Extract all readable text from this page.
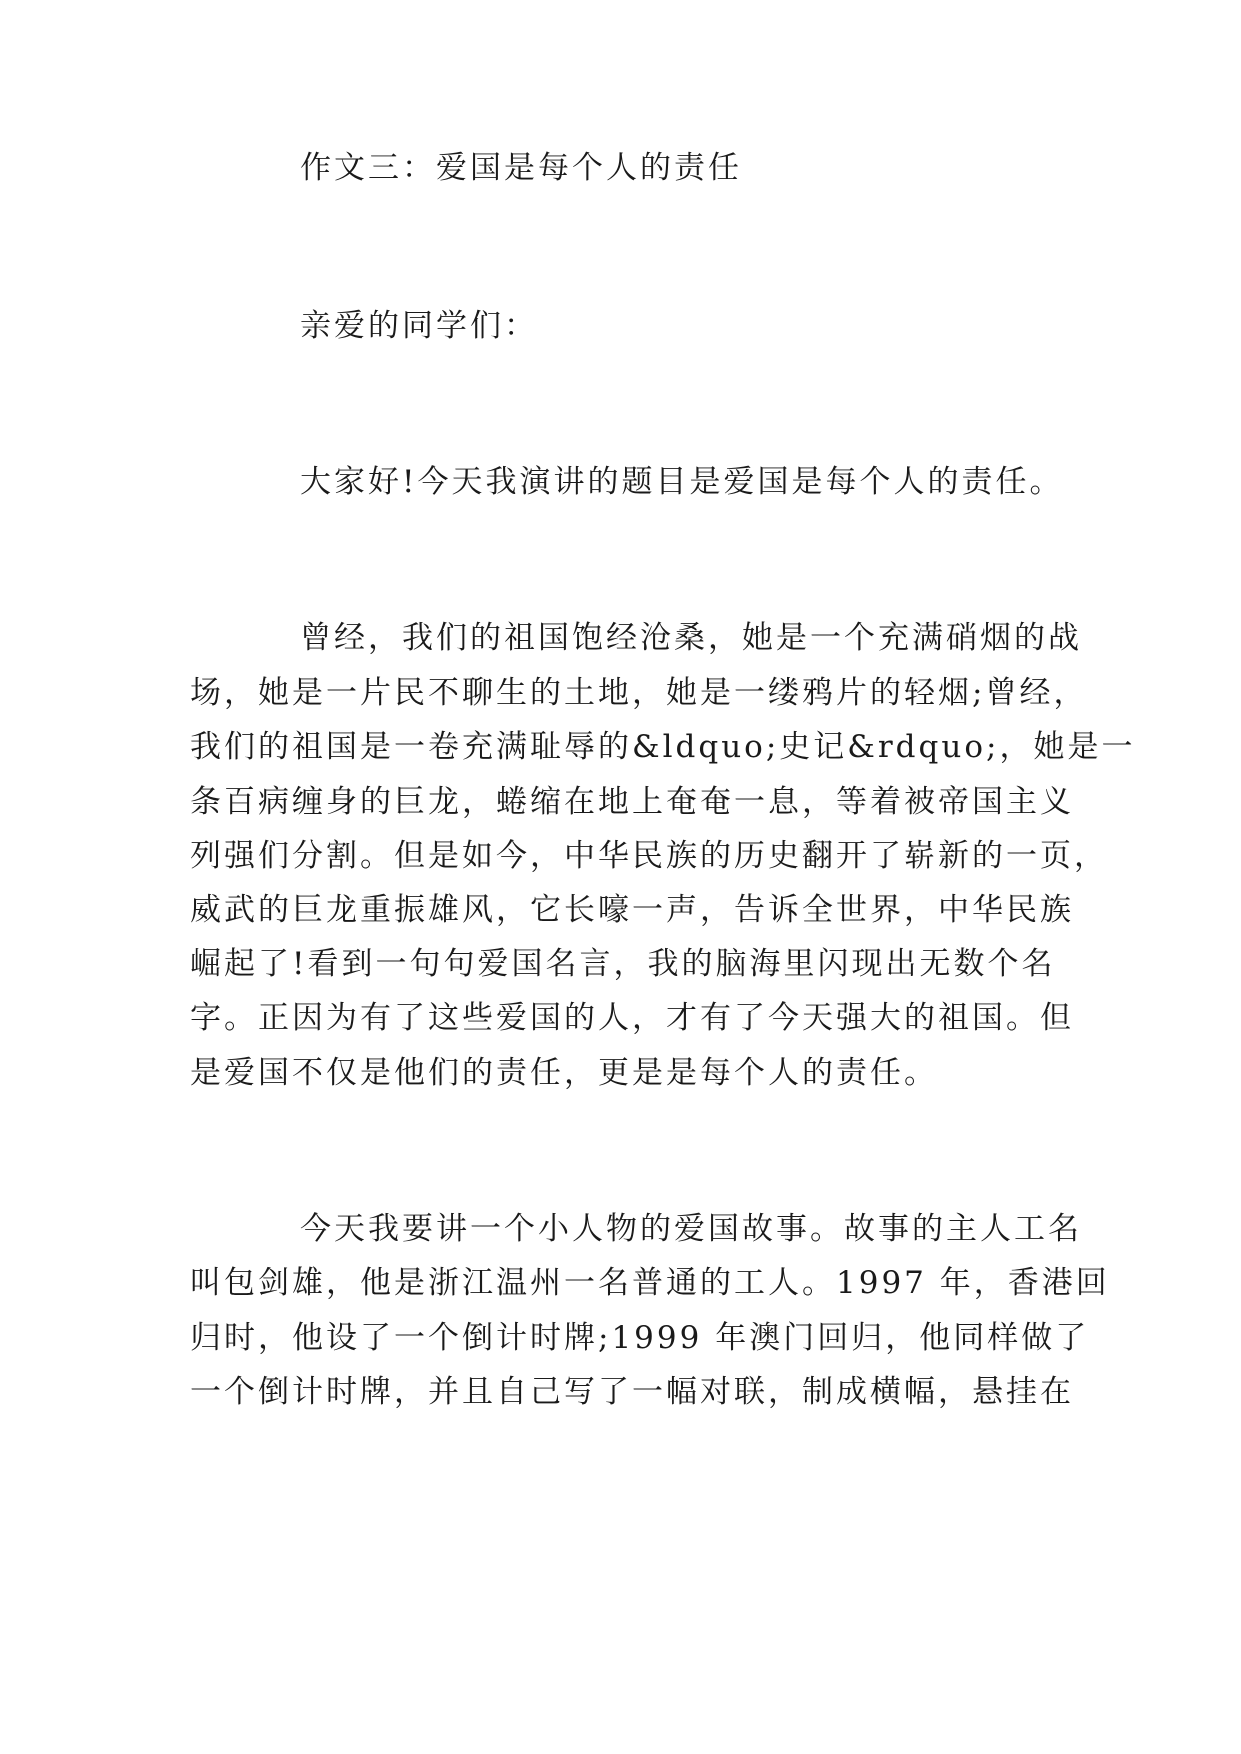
作文三：爱国是每个人的责任
亲爱的同学们：
大家好!今天我演讲的题目是爱国是每个人的责任。
曾经，我们的祖国饱经沧桑，她是一个充满硝烟的战
场，她是一片民不聊生的土地，她是一缕鸦片的轻烟;曾经，
我们的祖国是一卷充满耻辱的&ldquo;史记&rdquo;，她是一
条百病缠身的巨龙，蜷缩在地上奄奄一息，等着被帝国主义
列强们分割。但是如今，中华民族的历史翻开了崭新的一页，
威武的巨龙重振雄风，它长嚎一声，告诉全世界，中华民族
崛起了!看到一句句爱国名言，我的脑海里闪现出无数个名
字。正因为有了这些爱国的人，才有了今天强大的祖国。但
是爱国不仅是他们的责任，更是是每个人的责任。
今天我要讲一个小人物的爱国故事。故事的主人工名
叫包剑雄，他是浙江温州一名普通的工人。1997 年，香港回
归时，他设了一个倒计时牌;1999 年澳门回归，他同样做了
一个倒计时牌，并且自己写了一幅对联，制成横幅，悬挂在
